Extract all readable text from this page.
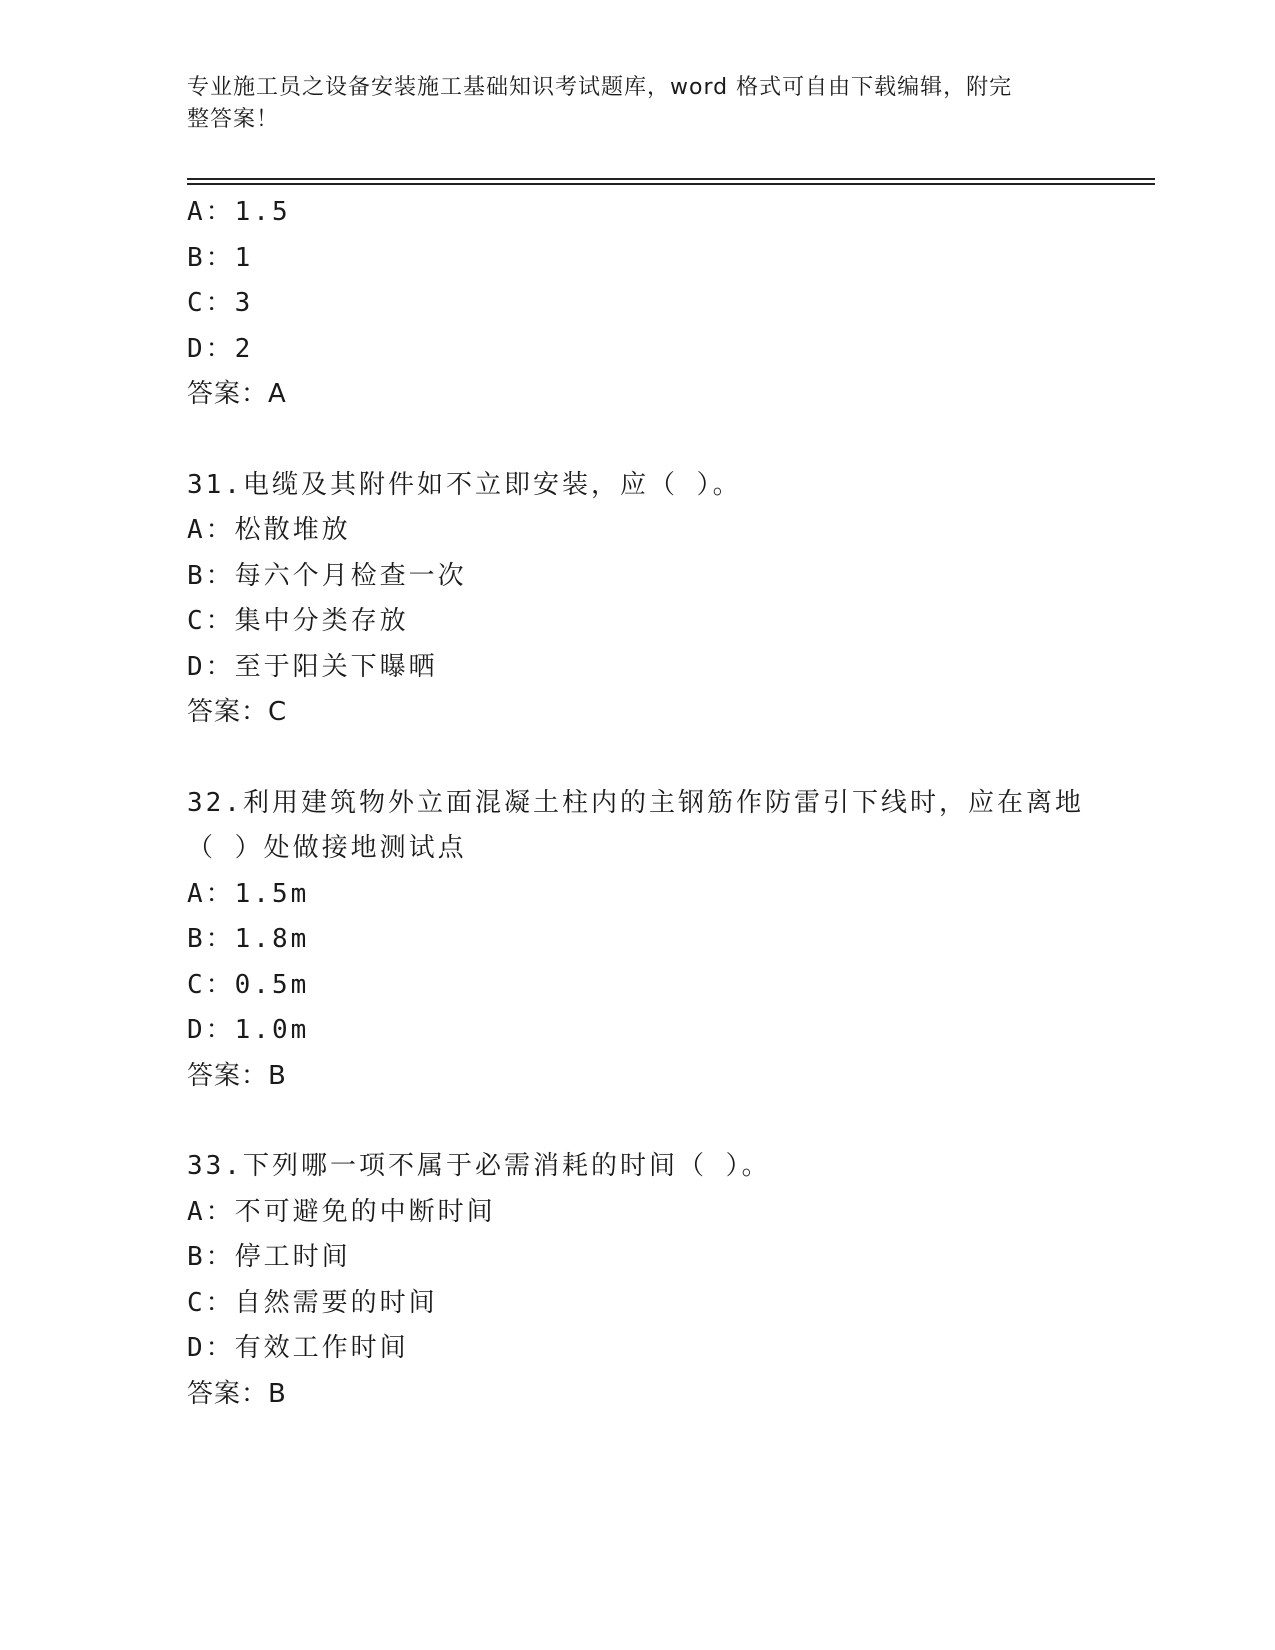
专业施工员之设备安装施工基础知识考试题库，word 格式可自由下载编辑，附完
整答案！
A：1.5
B：1
C：3
D：2
答案：A
31.电缆及其附件如不立即安装，应（ ）。
A：松散堆放
B：每六个月检查一次
C：集中分类存放
D：至于阳关下曝晒
答案：C
32.利用建筑物外立面混凝土柱内的主钢筋作防雷引下线时，应在离地
（ ）处做接地测试点
A：1.5m
B：1.8m
C：0.5m
D：1.0m
答案：B
33.下列哪一项不属于必需消耗的时间（ ）。
A：不可避免的中断时间
B：停工时间
C：自然需要的时间
D：有效工作时间
答案：B
